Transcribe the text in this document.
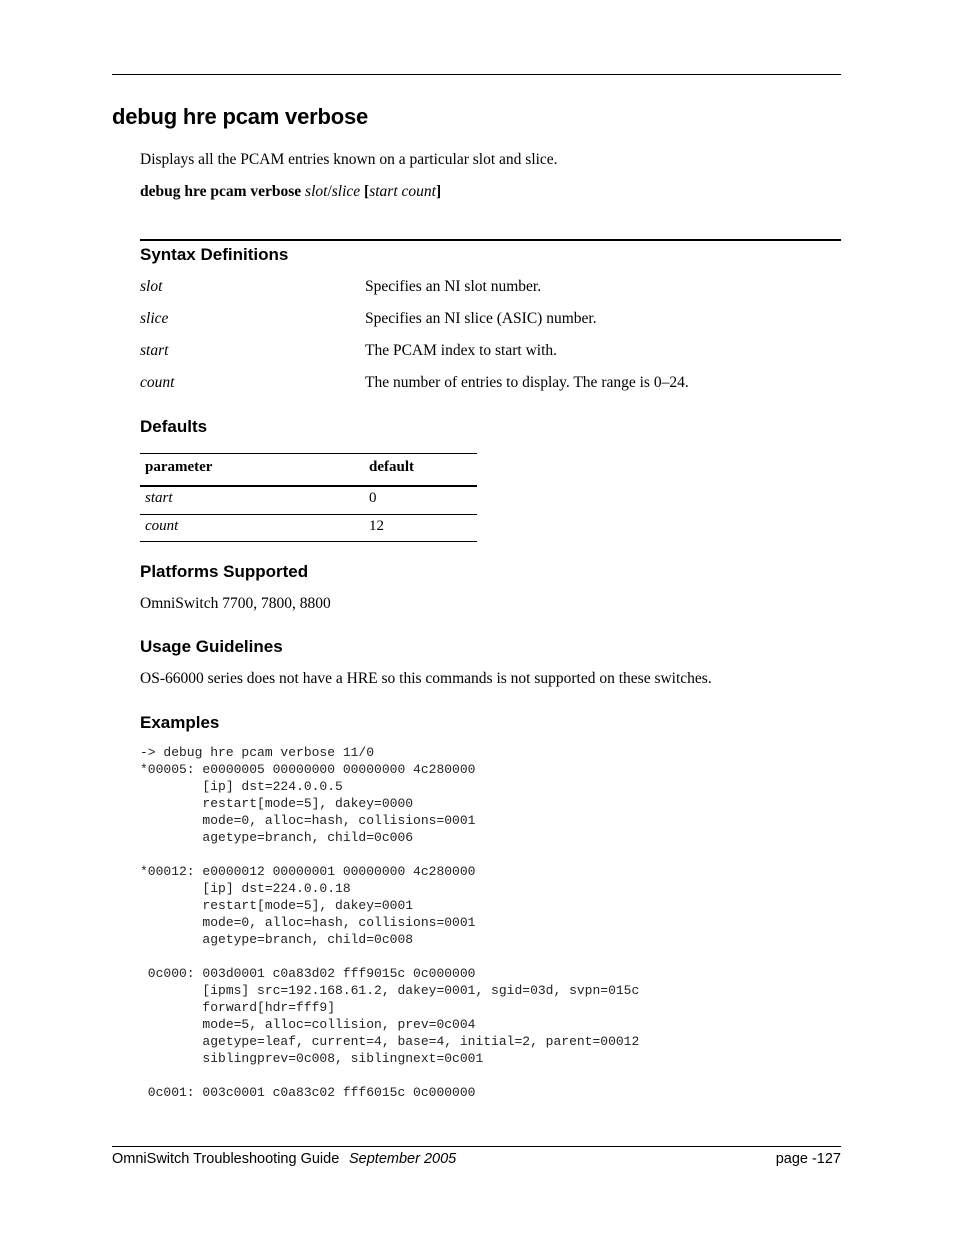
debug hre pcam verbose
Displays all the PCAM entries known on a particular slot and slice.
debug hre pcam verbose slot/slice [start count]
Syntax Definitions
slot	Specifies an NI slot number.
slice	Specifies an NI slice (ASIC) number.
start	The PCAM index to start with.
count	The number of entries to display. The range is 0–24.
Defaults
parameter	default
start	0
count	12
Platforms Supported
OmniSwitch 7700, 7800, 8800
Usage Guidelines
OS-66000 series does not have a HRE so this commands is not supported on these switches.
Examples
-> debug hre pcam verbose 11/0
*00005: e0000005 00000000 00000000 4c280000
[ip] dst=224.0.0.5
restart[mode=5], dakey=0000
mode=0, alloc=hash, collisions=0001
agetype=branch, child=0c006

*00012: e0000012 00000001 00000000 4c280000
[ip] dst=224.0.0.18
restart[mode=5], dakey=0001
mode=0, alloc=hash, collisions=0001
agetype=branch, child=0c008

0c000: 003d0001 c0a83d02 fff9015c 0c000000
[ipms] src=192.168.61.2, dakey=0001, sgid=03d, svpn=015c
forward[hdr=fff9]
mode=5, alloc=collision, prev=0c004
agetype=leaf, current=4, base=4, initial=2, parent=00012
siblingprev=0c008, siblingnext=0c001

0c001: 003c0001 c0a83c02 fff6015c 0c000000
OmniSwitch Troubleshooting Guide September 2005	page -127
